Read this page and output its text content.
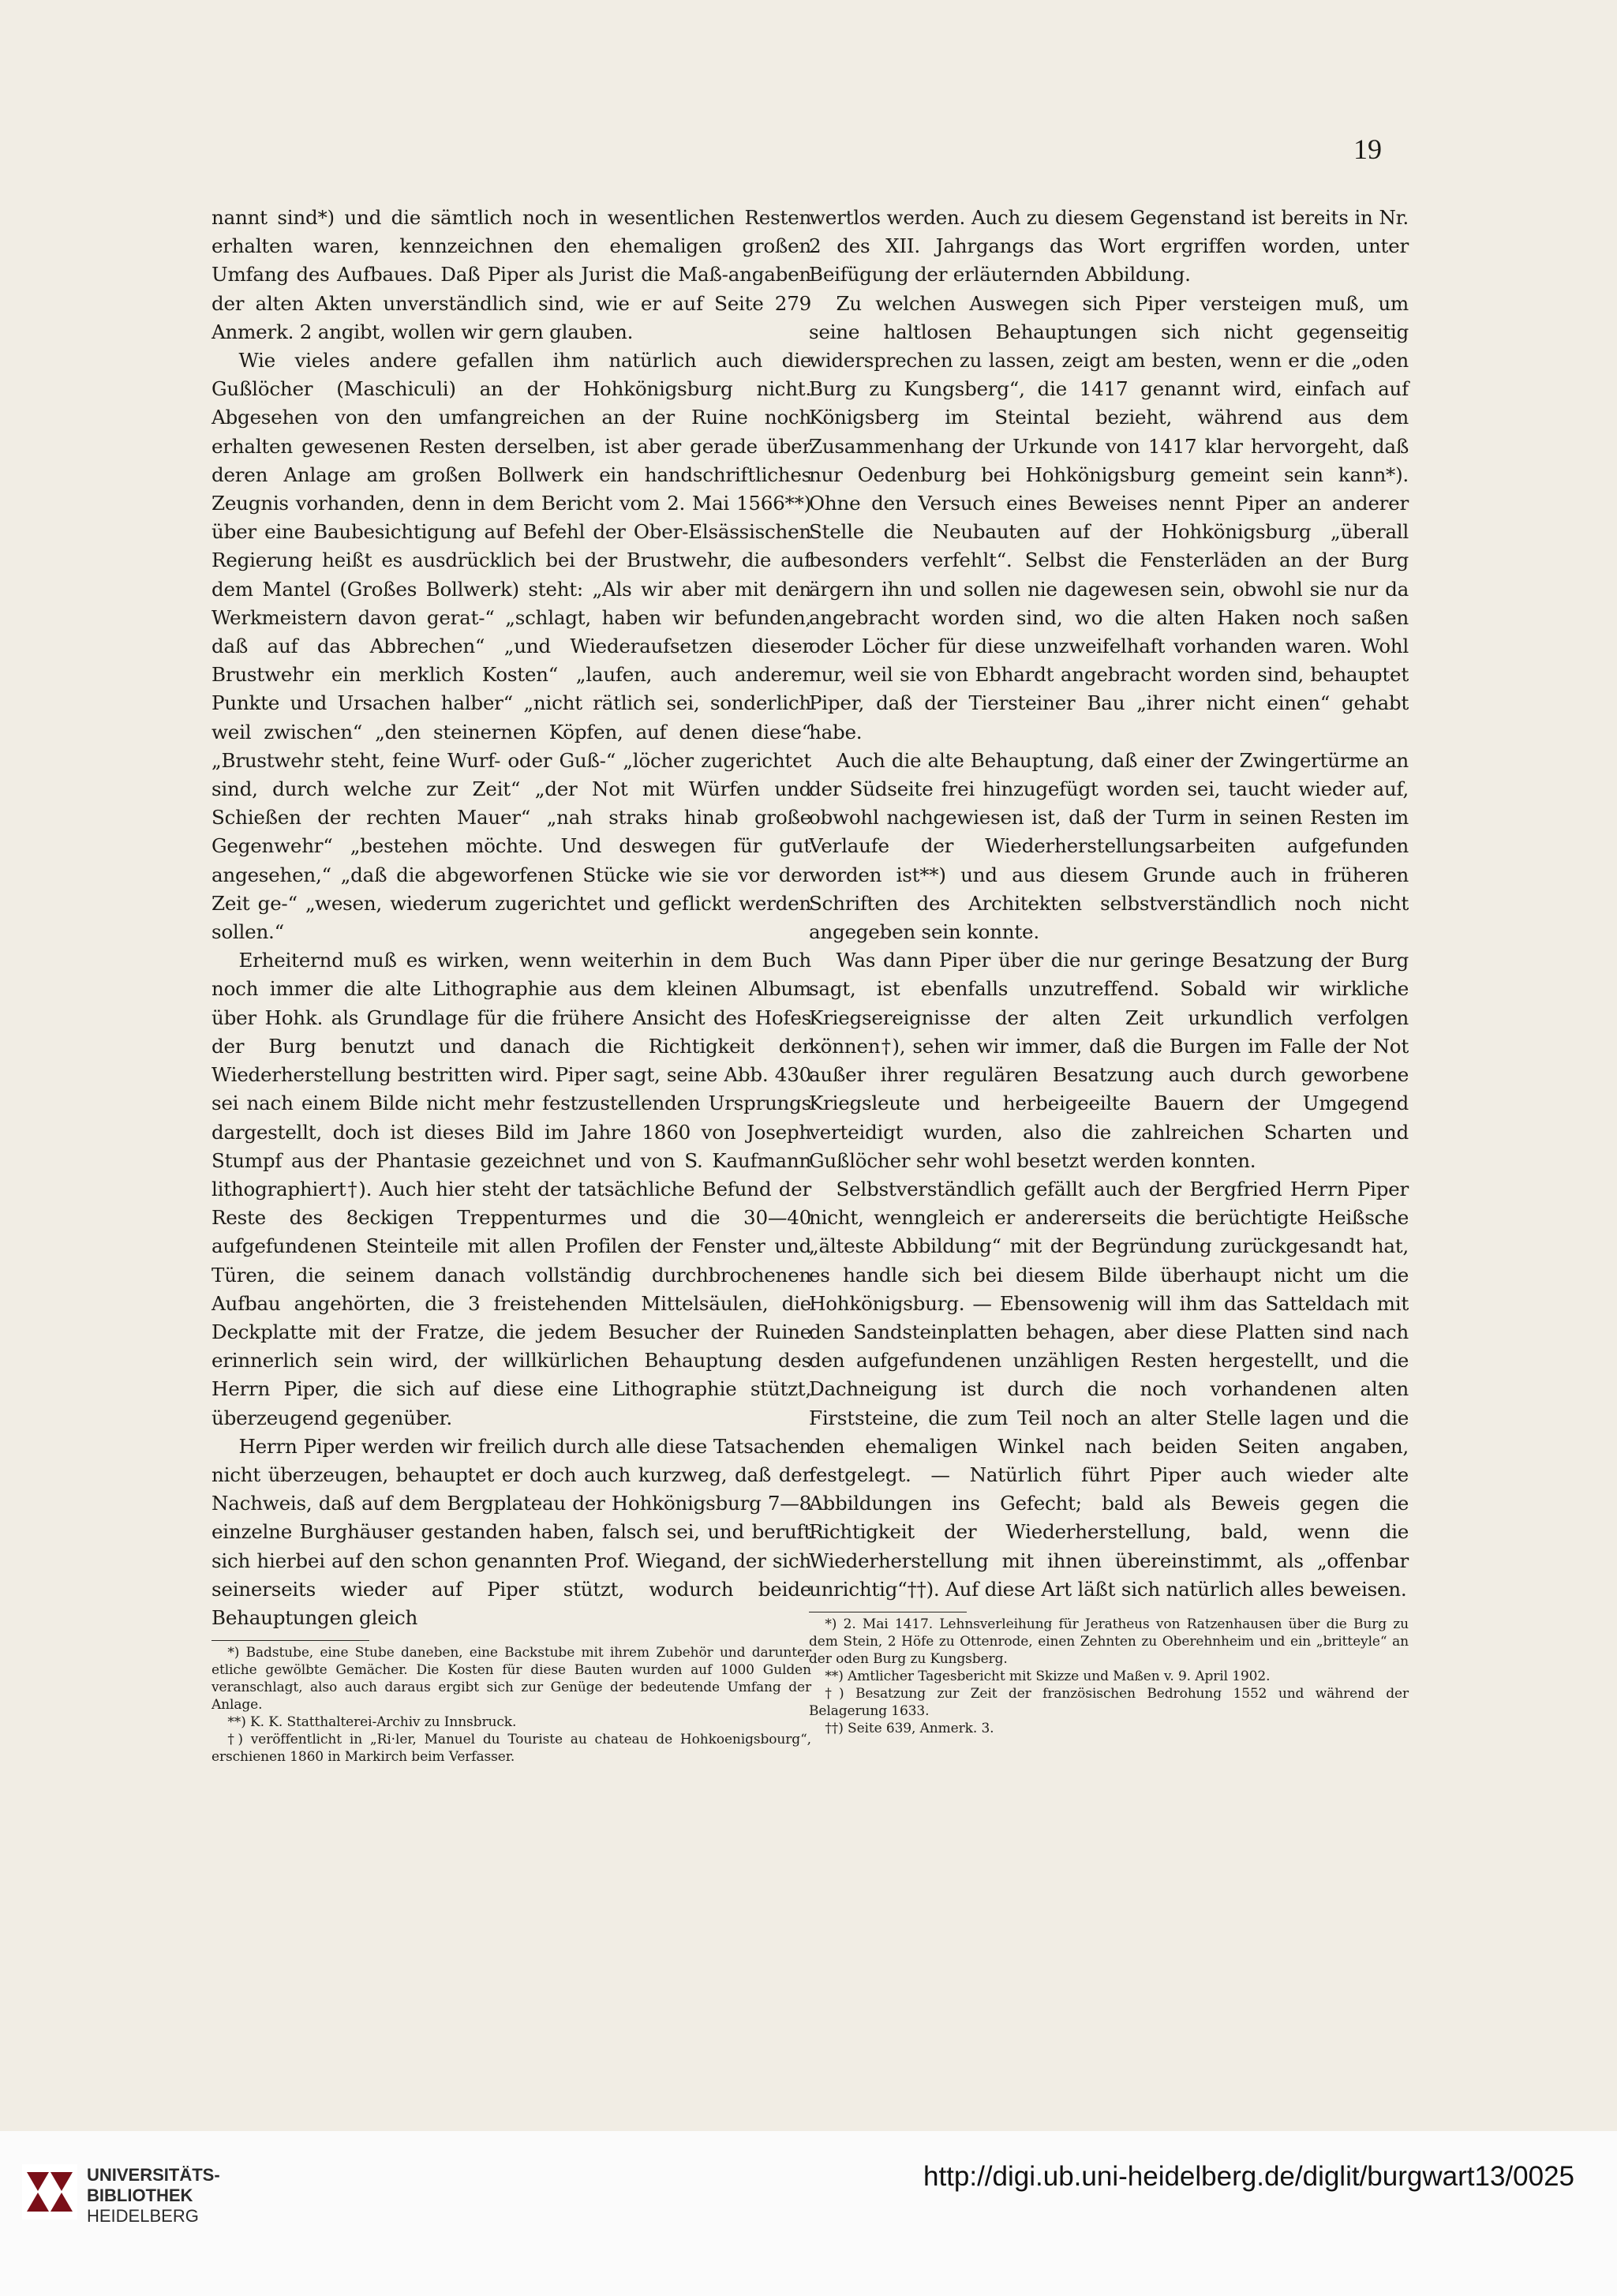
19

nannt sind*) und die sämtlich noch in wesentlichen Resten erhalten waren, kennzeichnen den ehemaligen großen Umfang des Aufbaues. Daß Piper als Jurist die Maß-angaben der alten Akten unverständlich sind, wie er auf Seite 279 Anmerk. 2 angibt, wollen wir gern glauben.

Wie vieles andere gefallen ihm natürlich auch die Gußlöcher (Maschiculi) an der Hohkönigsburg nicht. Abgesehen von den umfangreichen an der Ruine noch erhalten gewesenen Resten derselben, ist aber gerade über deren Anlage am großen Bollwerk ein handschriftliches Zeugnis vorhanden, denn in dem Bericht vom 2. Mai 1566**) über eine Baubesichtigung auf Befehl der Ober-Elsässischen Regierung heißt es ausdrücklich bei der Brustwehr, die auf dem Mantel (Großes Bollwerk) steht: „Als wir aber mit den Werkmeistern davon gerat-“ „schlagt, haben wir befunden, daß auf das Abbrechen“ „und Wiederaufsetzen dieser Brustwehr ein merklich Kosten“ „laufen, auch anderer Punkte und Ursachen halber“ „nicht rätlich sei, sonderlich weil zwischen“ „den steinernen Köpfen, auf denen diese“ „Brustwehr steht, feine Wurf- oder Guß-“ „löcher zugerichtet sind, durch welche zur Zeit“ „der Not mit Würfen und Schießen der rechten Mauer“ „nah straks hinab große Gegenwehr“ „bestehen möchte. Und deswegen für gut angesehen,“ „daß die abgeworfenen Stücke wie sie vor der Zeit ge-“ „wesen, wiederum zugerichtet und geflickt werden sollen.“

Erheiternd muß es wirken, wenn weiterhin in dem Buch noch immer die alte Lithographie aus dem kleinen Album über Hohk. als Grundlage für die frühere Ansicht des Hofes der Burg benutzt und danach die Richtigkeit der Wiederherstellung bestritten wird. Piper sagt, seine Abb. 430 sei nach einem Bilde nicht mehr festzustellenden Ursprungs dargestellt, doch ist dieses Bild im Jahre 1860 von Joseph Stumpf aus der Phantasie gezeichnet und von S. Kaufmann lithographiert†). Auch hier steht der tatsächliche Befund der Reste des 8eckigen Treppenturmes und die 30—40 aufgefundenen Steinteile mit allen Profilen der Fenster und Türen, die seinem danach vollständig durchbrochenen Aufbau angehörten, die 3 freistehenden Mittelsäulen, die Deckplatte mit der Fratze, die jedem Besucher der Ruine erinnerlich sein wird, der willkürlichen Behauptung des Herrn Piper, die sich auf diese eine Lithographie stützt, überzeugend gegenüber.

Herrn Piper werden wir freilich durch alle diese Tatsachen nicht überzeugen, behauptet er doch auch kurzweg, daß der Nachweis, daß auf dem Bergplateau der Hohkönigsburg 7—8 einzelne Burghäuser gestanden haben, falsch sei, und beruft sich hierbei auf den schon genannten Prof. Wiegand, der sich seinerseits wieder auf Piper stützt, wodurch beide Behauptungen gleich

*) Badstube, eine Stube daneben, eine Backstube mit ihrem Zubehör und darunter etliche gewölbte Gemächer. Die Kosten für diese Bauten wurden auf 1000 Gulden veranschlagt, also auch daraus ergibt sich zur Genüge der bedeutende Umfang der Anlage.

**) K. K. Statthalterei-Archiv zu Innsbruck.

†) veröffentlicht in „Ri·ler, Manuel du Touriste au chateau de Hohkoenigsbourg“, erschienen 1860 in Markirch beim Verfasser.

wertlos werden. Auch zu diesem Gegenstand ist bereits in Nr. 2 des XII. Jahrgangs das Wort ergriffen worden, unter Beifügung der erläuternden Abbildung.

Zu welchen Auswegen sich Piper versteigen muß, um seine haltlosen Behauptungen sich nicht gegenseitig widersprechen zu lassen, zeigt am besten, wenn er die „oden Burg zu Kungsberg“, die 1417 genannt wird, einfach auf Königsberg im Steintal bezieht, während aus dem Zusammenhang der Urkunde von 1417 klar hervorgeht, daß nur Oedenburg bei Hohkönigsburg gemeint sein kann*). Ohne den Versuch eines Beweises nennt Piper an anderer Stelle die Neubauten auf der Hohkönigsburg „überall besonders verfehlt“. Selbst die Fensterläden an der Burg ärgern ihn und sollen nie dagewesen sein, obwohl sie nur da angebracht worden sind, wo die alten Haken noch saßen oder Löcher für diese unzweifelhaft vorhanden waren. Wohl nur, weil sie von Ebhardt angebracht worden sind, behauptet Piper, daß der Tiersteiner Bau „ihrer nicht einen“ gehabt habe.

Auch die alte Behauptung, daß einer der Zwingertürme an der Südseite frei hinzugefügt worden sei, taucht wieder auf, obwohl nachgewiesen ist, daß der Turm in seinen Resten im Verlaufe der Wiederherstellungsarbeiten aufgefunden worden ist**) und aus diesem Grunde auch in früheren Schriften des Architekten selbstverständlich noch nicht angegeben sein konnte.

Was dann Piper über die nur geringe Besatzung der Burg sagt, ist ebenfalls unzutreffend. Sobald wir wirkliche Kriegsereignisse der alten Zeit urkundlich verfolgen können†), sehen wir immer, daß die Burgen im Falle der Not außer ihrer regulären Besatzung auch durch geworbene Kriegsleute und herbeigeeilte Bauern der Umgegend verteidigt wurden, also die zahlreichen Scharten und Gußlöcher sehr wohl besetzt werden konnten.

Selbstverständlich gefällt auch der Bergfried Herrn Piper nicht, wenngleich er andererseits die berüchtigte Heißsche „älteste Abbildung“ mit der Begründung zurückgesandt hat, es handle sich bei diesem Bilde überhaupt nicht um die Hohkönigsburg. — Ebensowenig will ihm das Satteldach mit den Sandsteinplatten behagen, aber diese Platten sind nach den aufgefundenen unzähligen Resten hergestellt, und die Dachneigung ist durch die noch vorhandenen alten Firststeine, die zum Teil noch an alter Stelle lagen und die den ehemaligen Winkel nach beiden Seiten angaben, festgelegt. — Natürlich führt Piper auch wieder alte Abbildungen ins Gefecht; bald als Beweis gegen die Richtigkeit der Wiederherstellung, bald, wenn die Wiederherstellung mit ihnen übereinstimmt, als „offenbar unrichtig“††). Auf diese Art läßt sich natürlich alles beweisen.

*) 2. Mai 1417. Lehnsverleihung für Jeratheus von Ratzenhausen über die Burg zu dem Stein, 2 Höfe zu Ottenrode, einen Zehnten zu Oberehnheim und ein „britteyle“ an der oden Burg zu Kungsberg.

**) Amtlicher Tagesbericht mit Skizze und Maßen v. 9. April 1902.

†) Besatzung zur Zeit der französischen Bedrohung 1552 und während der Belagerung 1633.

††) Seite 639, Anmerk. 3.

UNIVERSITÄTS-
BIBLIOTHEK
HEIDELBERG
http://digi.ub.uni-heidelberg.de/diglit/burgwart13/0025
